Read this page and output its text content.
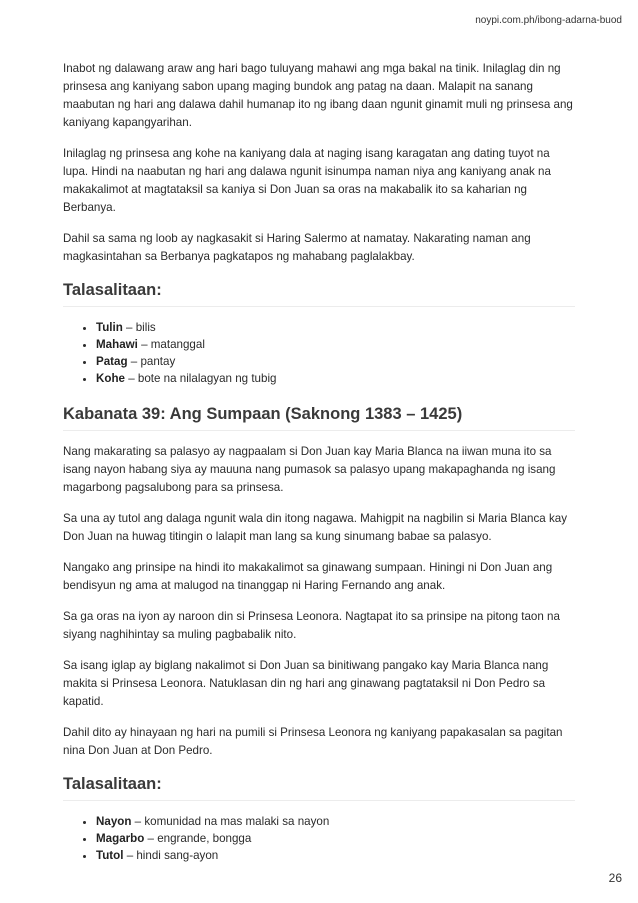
noypi.com.ph/ibong-adarna-buod

Inabot ng dalawang araw ang hari bago tuluyang mahawi ang mga bakal na tinik. Inilaglag din ng prinsesa ang kaniyang sabon upang maging bundok ang patag na daan. Malapit na sanang maabutan ng hari ang dalawa dahil humanap ito ng ibang daan ngunit ginamit muli ng prinsesa ang kaniyang kapangyarihan.

Inilaglag ng prinsesa ang kohe na kaniyang dala at naging isang karagatan ang dating tuyot na lupa. Hindi na naabutan ng hari ang dalawa ngunit isinumpa naman niya ang kaniyang anak na makakalimot at magtataksil sa kaniya si Don Juan sa oras na makabalik ito sa kaharian ng Berbanya.

Dahil sa sama ng loob ay nagkasakit si Haring Salermo at namatay. Nakarating naman ang magkasintahan sa Berbanya pagkatapos ng mahabang paglalakbay.

Talasalitaan:
• Tulin – bilis
• Mahawi – matanggal
• Patag – pantay
• Kohe – bote na nilalagyan ng tubig
Kabanata 39: Ang Sumpaan (Saknong 1383 – 1425)

Nang makarating sa palasyo ay nagpaalam si Don Juan kay Maria Blanca na iiwan muna ito sa isang nayon habang siya ay mauuna nang pumasok sa palasyo upang makapaghanda ng isang magarbong pagsalubong para sa prinsesa.

Sa una ay tutol ang dalaga ngunit wala din itong nagawa. Mahigpit na nagbilin si Maria Blanca kay Don Juan na huwag titingin o lalapit man lang sa kung sinumang babae sa palasyo.

Nangako ang prinsipe na hindi ito makakalimot sa ginawang sumpaan. Hiningi ni Don Juan ang bendisyun ng ama at malugod na tinanggap ni Haring Fernando ang anak.

Sa ga oras na iyon ay naroon din si Prinsesa Leonora. Nagtapat ito sa prinsipe na pitong taon na siyang naghihintay sa muling pagbabalik nito.

Sa isang iglap ay biglang nakalimot si Don Juan sa binitiwang pangako kay Maria Blanca nang makita si Prinsesa Leonora. Natuklasan din ng hari ang ginawang pagtataksil ni Don Pedro sa kapatid.

Dahil dito ay hinayaan ng hari na pumili si Prinsesa Leonora ng kaniyang papakasalan sa pagitan nina Don Juan at Don Pedro.

Talasalitaan:
• Nayon – komunidad na mas malaki sa nayon
• Magarbo – engrande, bongga
• Tutol – hindi sang-ayon
26
